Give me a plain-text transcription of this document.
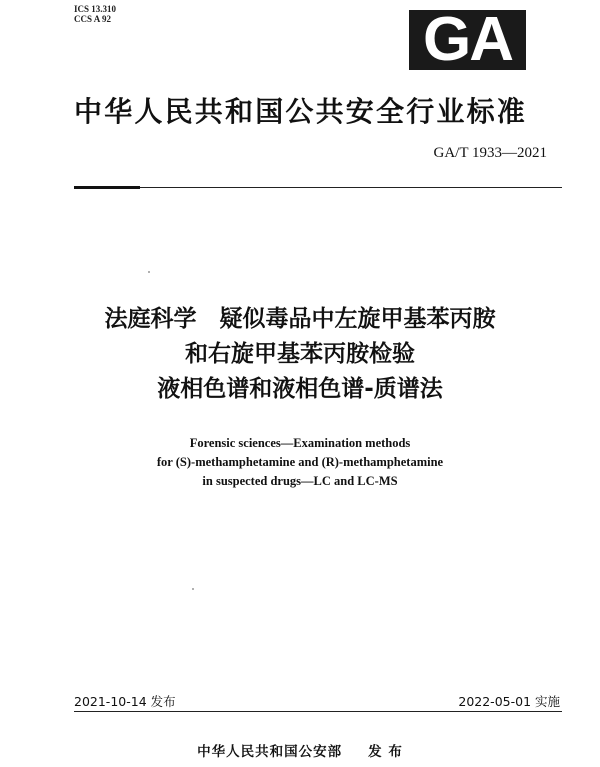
ICS 13.310
CCS A 92	GA
中华人民共和国公共安全行业标准
GA/T 1933—2021
法庭科学　疑似毒品中左旋甲基苯丙胺
和右旋甲基苯丙胺检验
液相色谱和液相色谱-质谱法
Forensic sciences—Examination methods
for (S)-methamphetamine and (R)-methamphetamine
in suspected drugs—LC and LC-MS
2021-10-14 发布	2022-05-01 实施
中华人民共和国公安部 发 布
